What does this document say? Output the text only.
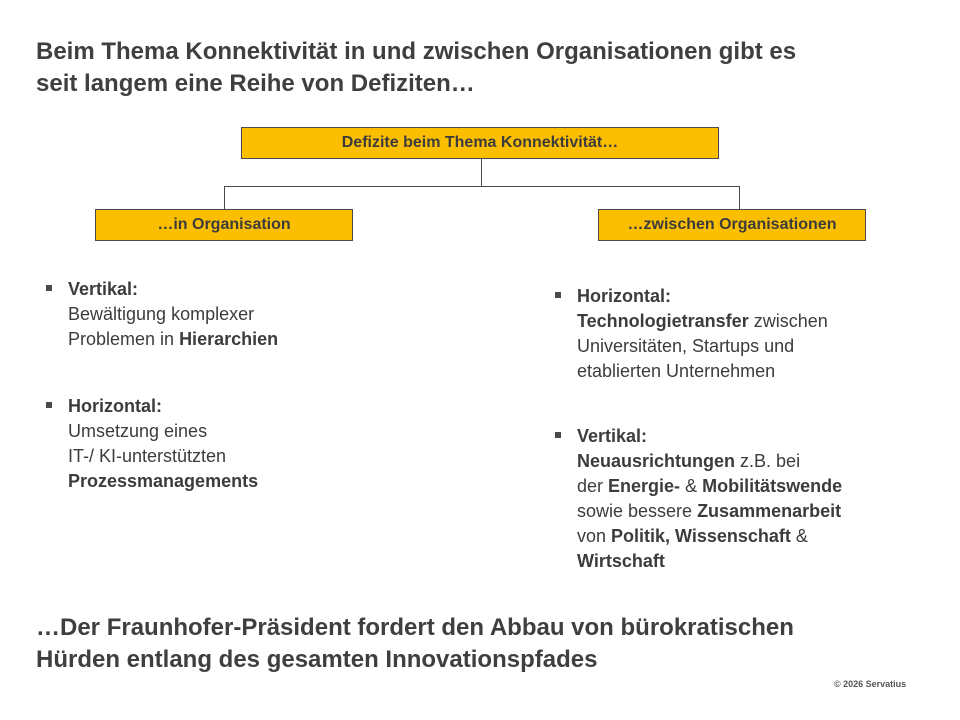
Beim Thema Konnektivität in und zwischen Organisationen gibt es
seit langem eine Reihe von Defiziten…
Defizite beim Thema Konnektivität…
…in Organisation	…zwischen Organisationen
Vertikal:
Bewältigung komplexer
Problemen in Hierarchien
Horizontal:
Umsetzung eines
IT-/ KI-unterstützten
Prozessmanagements
Horizontal:
Technologietransfer zwischen
Universitäten, Startups und
etablierten Unternehmen
Vertikal:
Neuausrichtungen z.B. bei
der Energie- & Mobilitätswende
sowie bessere Zusammenarbeit
von Politik, Wissenschaft &
Wirtschaft
…Der Fraunhofer-Präsident fordert den Abbau von bürokratischen
Hürden entlang des gesamten Innovationspfades
© 2026 Servatius
